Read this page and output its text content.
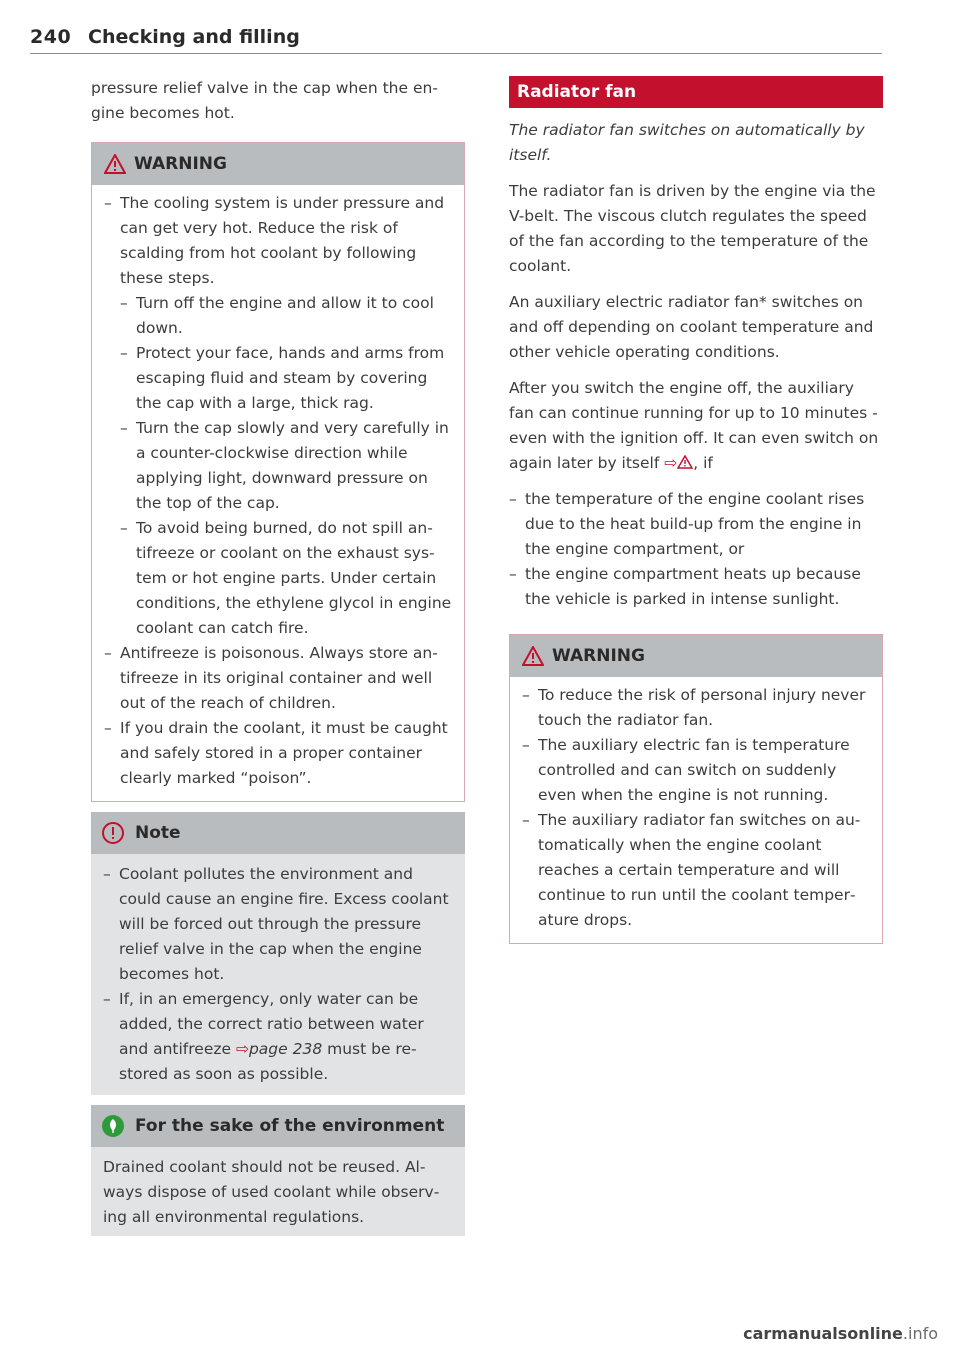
240 Checking and filling

pressure relief valve in the cap when the engine becomes hot.

WARNING
– The cooling system is under pressure and can get very hot. Reduce the risk of scalding from hot coolant by following these steps.
– Turn off the engine and allow it to cool down.
– Protect your face, hands and arms from escaping fluid and steam by covering the cap with a large, thick rag.
– Turn the cap slowly and very carefully in a counter-clockwise direction while applying light, downward pressure on the top of the cap.
– To avoid being burned, do not spill antifreeze or coolant on the exhaust system or hot engine parts. Under certain conditions, the ethylene glycol in engine coolant can catch fire.
– Antifreeze is poisonous. Always store antifreeze in its original container and well out of the reach of children.
– If you drain the coolant, it must be caught and safely stored in a proper container clearly marked “poison”.
Note
– Coolant pollutes the environment and could cause an engine fire. Excess coolant will be forced out through the pressure relief valve in the cap when the engine becomes hot.
– If, in an emergency, only water can be added, the correct ratio between water and antifreeze ⇨page 238 must be restored as soon as possible.
For the sake of the environment

Drained coolant should not be reused. Always dispose of used coolant while observing all environmental regulations.

Radiator fan

The radiator fan switches on automatically by itself.

The radiator fan is driven by the engine via the V-belt. The viscous clutch regulates the speed of the fan according to the temperature of the coolant.

An auxiliary electric radiator fan* switches on and off depending on coolant temperature and other vehicle operating conditions.

After you switch the engine off, the auxiliary fan can continue running for up to 10 minutes - even with the ignition off. It can even switch on again later by itself ⇨ , if

– the temperature of the engine coolant rises due to the heat build-up from the engine in the engine compartment, or
– the engine compartment heats up because the vehicle is parked in intense sunlight.
WARNING
– To reduce the risk of personal injury never touch the radiator fan.
– The auxiliary electric fan is temperature controlled and can switch on suddenly even when the engine is not running.
– The auxiliary radiator fan switches on automatically when the engine coolant reaches a certain temperature and will continue to run until the coolant temperature drops.
carmanualsonline.info
